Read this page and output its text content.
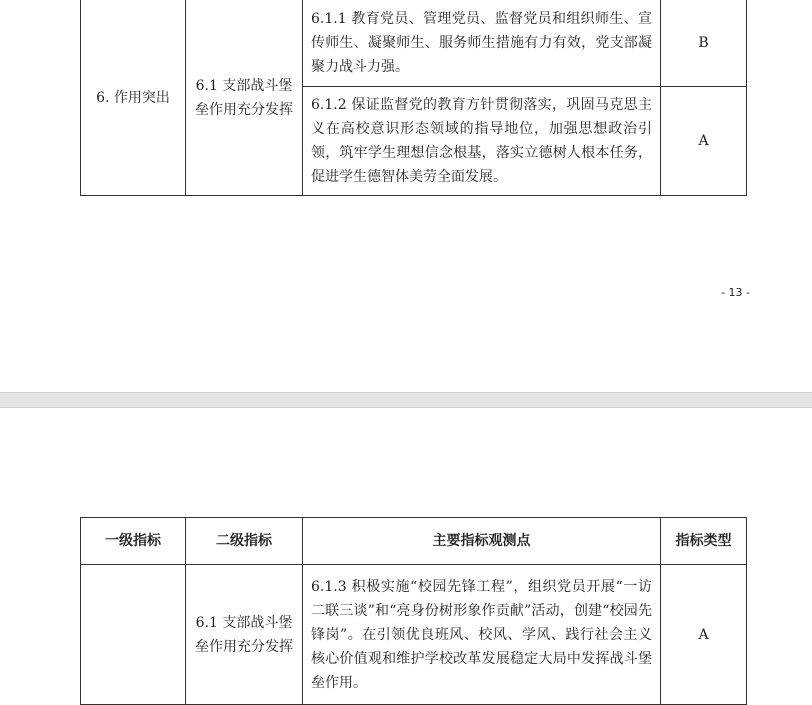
6. 作用突出	6.1 支部战斗堡垒作用充分发挥	6.1.1 教育党员、管理党员、监督党员和组织师生、宣传师生、凝聚师生、服务师生措施有力有效，党支部凝聚力战斗力强。	B
		6.1.2 保证监督党的教育方针贯彻落实，巩固马克思主义在高校意识形态领域的指导地位，加强思想政治引领，筑牢学生理想信念根基，落实立德树人根本任务，促进学生德智体美劳全面发展。	A
- 13 -
一级指标	二级指标	主要指标观测点	指标类型
	6.1 支部战斗堡垒作用充分发挥	6.1.3 积极实施“校园先锋工程”，组织党员开展“一访二联三谈”和“亮身份树形象作贡献”活动，创建“校园先锋岗”。在引领优良班风、校风、学风、践行社会主义核心价值观和维护学校改革发展稳定大局中发挥战斗堡垒作用。	A
